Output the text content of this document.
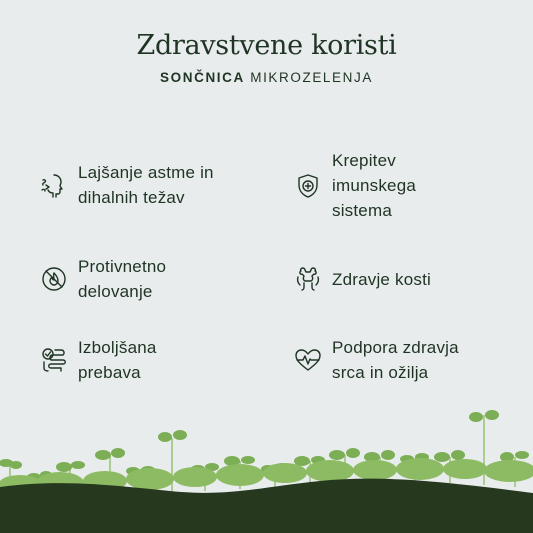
Zdravstvene koristi
SONČNICA MIKROZELENJA
Lajšanje astme in
dihalnih težav
Krepitev
imunskega
sistema
Protivnetno
delovanje
Zdravje kosti
Izboljšana
prebava
Podpora zdravja
srca in ožilja
